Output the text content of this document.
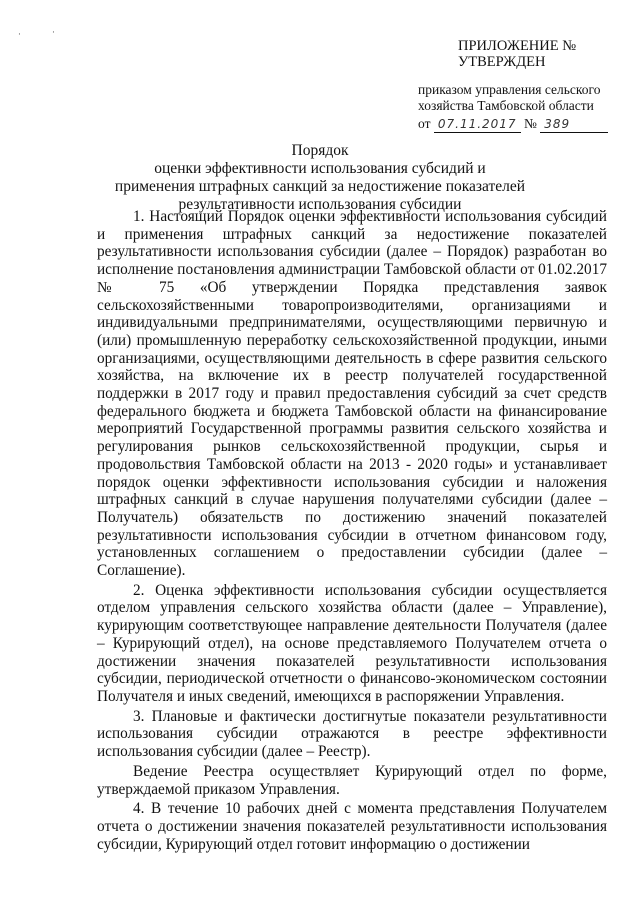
·	·
ПРИЛОЖЕНИЕ №
УТВЕРЖДЕН
приказом управления сельского
хозяйства Тамбовской области
от 07.11.2017 № 389
Порядок
оценки эффективности использования субсидий и
применения штрафных санкций за недостижение показателей
результативности использования субсидии

1. Настоящий Порядок оценки эффективности использования субсидий и применения штрафных санкций за недостижение показателей результативности использования субсидии (далее – Порядок) разработан во исполнение постановления администрации Тамбовской области от 01.02.2017 № 75 «Об утверждении Порядка представления заявок сельскохозяйственными товаропроизводителями, организациями и индивидуальными предпринимателями, осуществляющими первичную и (или) промышленную переработку сельскохозяйственной продукции, иными организациями, осуществляющими деятельность в сфере развития сельского хозяйства, на включение их в реестр получателей государственной поддержки в 2017 году и правил предоставления субсидий за счет средств федерального бюджета и бюджета Тамбовской области на финансирование мероприятий Государственной программы развития сельского хозяйства и регулирования рынков сельскохозяйственной продукции, сырья и продовольствия Тамбовской области на 2013 - 2020 годы» и устанавливает порядок оценки эффективности использования субсидии и наложения штрафных санкций в случае нарушения получателями субсидии (далее – Получатель) обязательств по достижению значений показателей результативности использования субсидии в отчетном финансовом году, установленных соглашением о предоставлении субсидии (далее – Соглашение).

2. Оценка эффективности использования субсидии осуществляется отделом управления сельского хозяйства области (далее – Управление), курирующим соответствующее направление деятельности Получателя (далее – Курирующий отдел), на основе представляемого Получателем отчета о достижении значения показателей результативности использования субсидии, периодической отчетности о финансово-экономическом состоянии Получателя и иных сведений, имеющихся в распоряжении Управления.

3. Плановые и фактически достигнутые показатели результативности использования субсидии отражаются в реестре эффективности использования субсидии (далее – Реестр).

Ведение Реестра осуществляет Курирующий отдел по форме, утверждаемой приказом Управления.

4. В течение 10 рабочих дней с момента представления Получателем отчета о достижении значения показателей результативности использования субсидии, Курирующий отдел готовит информацию о достижении
